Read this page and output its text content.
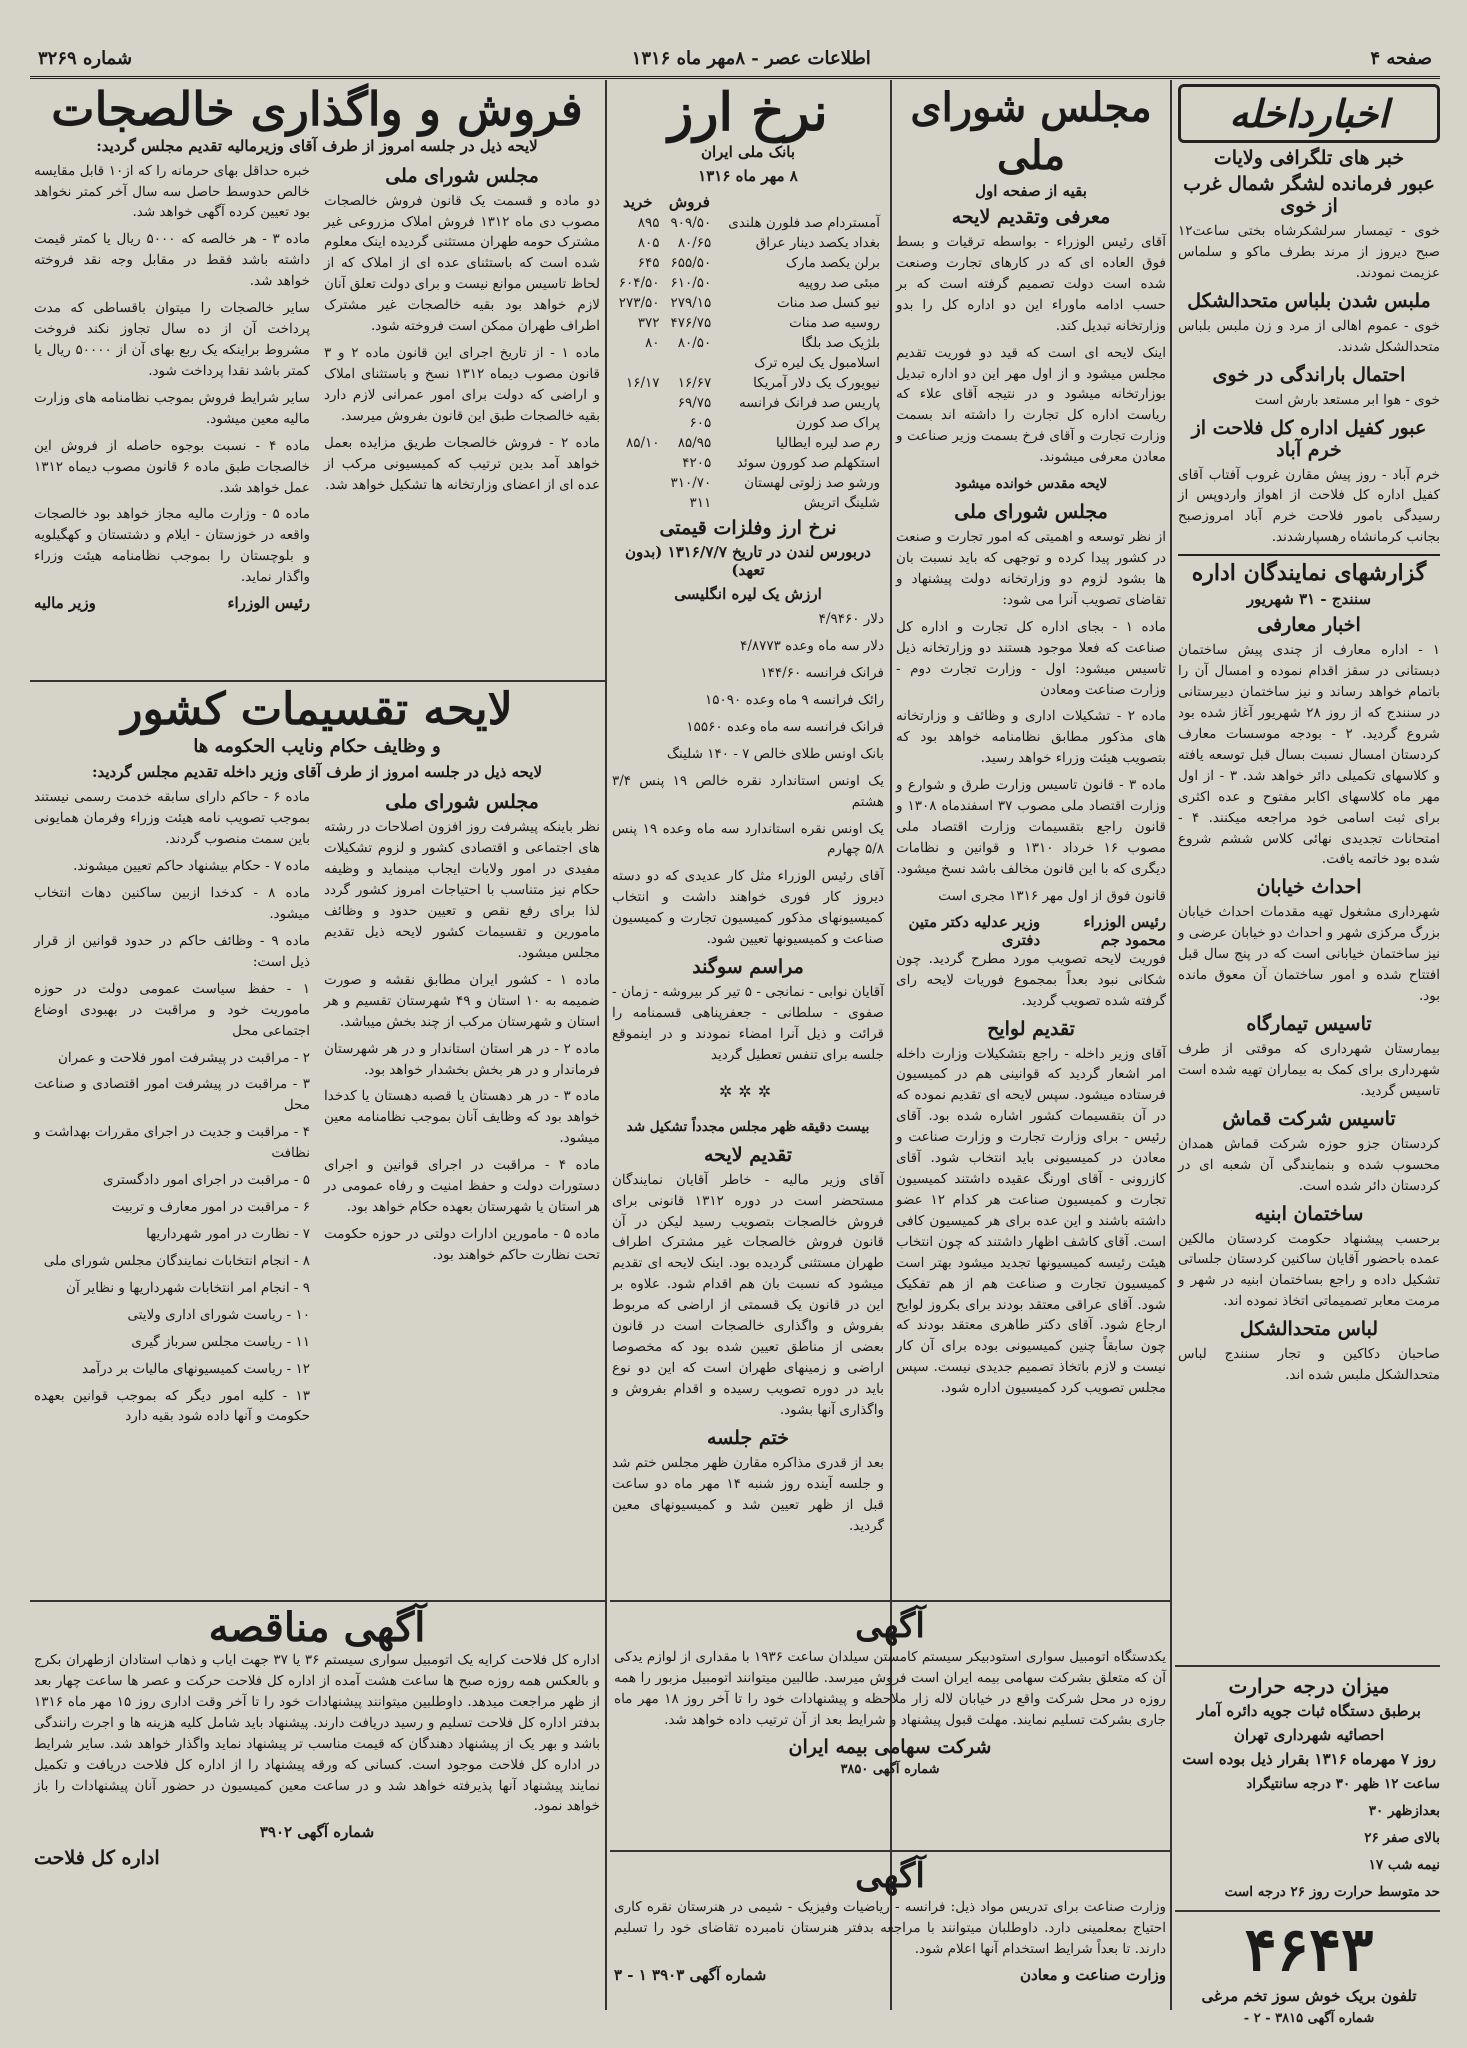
صفحه ۴
اطلاعات عصر - ۸مهر ماه ۱۳۱۶
شماره ۳۲۶۹
اخبارداخله

خبر های تلگرافی ولایات

عبور فرمانده لشگر شمال غرب از خوی

خوی - تیمسار سرلشکرشاه بختی ساعت۱۲ صبح دیروز از مرند بطرف ماکو و سلماس عزیمت نمودند.

ملبس شدن بلباس متحدالشکل

خوی - عموم اهالی از مرد و زن ملبس بلباس متحدالشکل شدند.

احتمال باراندگی در خوی

خوی - هوا ابر مستعد بارش است

عبور کفیل اداره کل فلاحت از خرم آباد

خرم آباد - روز پیش مقارن غروب آفتاب آقای کفیل اداره کل فلاحت از اهواز واردوپس از رسیدگی بامور فلاحت خرم آباد امروزصبح بجانب کرمانشاه رهسپارشدند.

گزارشهای نمایندگان اداره

سنندج - ۳۱ شهریور

اخبار معارفی

۱ - اداره معارف از چندی پیش ساختمان دبستانی در سقز اقدام نموده و امسال آن را باتمام خواهد رساند و نیز ساختمان دبیرستانی در سنندج که از روز ۲۸ شهریور آغاز شده بود شروع گردید. ۲ - بودجه موسسات معارف کردستان امسال نسبت بسال قبل توسعه یافته و کلاسهای تکمیلی دائر خواهد شد. ۳ - از اول مهر ماه کلاسهای اکابر مفتوح و عده اکثری برای ثبت اسامی خود مراجعه میکنند. ۴ - امتحانات تجدیدی نهائی کلاس ششم شروع شده بود خاتمه یافت.

احداث خیابان

شهرداری مشغول تهیه مقدمات احداث خیابان بزرگ مرکزی شهر و احداث دو خیابان عرضی و نیز ساختمان خیابانی است که در پنج سال قبل افتتاح شده و امور ساختمان آن معوق مانده بود.

تاسیس تیمارگاه

بیمارستان شهرداری که موقتی از طرف شهرداری برای کمک به بیماران تهیه شده است تاسیس گردید.

تاسیس شرکت قماش

کردستان جزو حوزه شرکت قماش همدان محسوب شده و بنمایندگی آن شعبه ای در کردستان دائر شده است.

ساختمان ابنیه

برحسب پیشنهاد حکومت کردستان مالکین عمده باحضور آقایان ساکنین کردستان جلساتی تشکیل داده و راجع بساختمان ابنیه در شهر و مرمت معابر تصمیماتی اتخاذ نموده اند.

لباس متحدالشکل

صاحبان دکاکین و تجار سنندج لباس متحدالشکل ملبس شده اند.

میزان درجه حرارت

برطبق دستگاه ثبات جویه دائره آمار

احصائیه شهرداری تهران

روز ۷ مهرماه ۱۳۱۶ بقرار ذیل بوده است

ساعت ۱۲ ظهر ۳۰ درجه سانتیگراد

بعدازظهر ۳۰

بالای صفر ۲۶

نیمه شب ۱۷

حد متوسط حرارت روز ۲۶ درجه است

۴۶۴۳

تلفون بریک خوش سوز تخم مرغی

شماره آگهی ۳۸۱۵ - ۲ -

مجلس شورای ملی

بقیه از صفحه اول

معرفی وتقدیم لایحه

آقای رئیس الوزراء - بواسطه ترقیات و بسط فوق العاده ای که در کارهای تجارت وصنعت شده است دولت تصمیم گرفته است که بر حسب ادامه ماوراء این دو اداره کل را بدو وزارتخانه تبدیل کند.

اینک لایحه ای است که قید دو فوریت تقدیم مجلس میشود و از اول مهر این دو اداره تبدیل بوزارتخانه میشود و در نتیجه آقای علاء که ریاست اداره کل تجارت را داشته اند بسمت وزارت تجارت و آقای فرخ بسمت وزیر صناعت و معادن معرفی میشوند.

لایحه مقدس خوانده میشود

مجلس شورای ملی

از نظر توسعه و اهمیتی که امور تجارت و صنعت در کشور پیدا کرده و توجهی که باید نسبت بان ها بشود لزوم دو وزارتخانه دولت پیشنهاد و تقاضای تصویب آنرا می شود:

ماده ۱ - بجای اداره کل تجارت و اداره کل صناعت که فعلا موجود هستند دو وزارتخانه ذیل تاسیس میشود: اول - وزارت تجارت دوم - وزارت صناعت ومعادن

ماده ۲ - تشکیلات اداری و وظائف و وزارتخانه های مذکور مطابق نظامنامه خواهد بود که بتصویب هیئت وزراء خواهد رسید.

ماده ۳ - قانون تاسیس وزارت طرق و شوارع و وزارت اقتصاد ملی مصوب ۳۷ اسفندماه ۱۳۰۸ و قانون راجع بتقسیمات وزارت اقتصاد ملی مصوب ۱۶ خرداد ۱۳۱۰ و قوانین و نظامات دیگری که با این قانون مخالف باشد نسخ میشود.

قانون فوق از اول مهر ۱۳۱۶ مجری است

رئیس الوزراء محمود جم
وزیر عدلیه دکتر متین دفتری

فوریت لایحه تصویب مورد مطرح گردید. چون شکانی نبود بعداً بمجموع فوریات لایحه رای گرفته شده تصویب گردید.

تقدیم لوایح

آقای وزیر داخله - راجع بتشکیلات وزارت داخله امر اشعار گردید که قوانینی هم در کمیسیون فرستاده میشود. سپس لایحه ای تقدیم نموده که در آن بتقسیمات کشور اشاره شده بود. آقای رئیس - برای وزارت تجارت و وزارت صناعت و معادن در کمیسیونی باید انتخاب شود. آقای کازرونی - آقای اورنگ عقیده داشتند کمیسیون تجارت و کمیسیون صناعت هر کدام ۱۲ عضو داشته باشند و این عده برای هر کمیسیون کافی است. آقای کاشف اظهار داشتند که چون انتخاب هیئت رئیسه کمیسیونها تجدید میشود بهتر است کمیسیون تجارت و صناعت هم از هم تفکیک شود. آقای عراقی معتقد بودند برای بکروز لوایح ارجاع شود. آقای دکتر طاهری معتقد بودند که چون سابقاً چنین کمیسیونی بوده برای آن کار نیست و لازم باتخاذ تصمیم جدیدی نیست. سپس مجلس تصویب کرد کمیسیون اداره شود.

نرخ ارز

بانک ملی ایران

۸ مهر ماه ۱۳۱۶

	فروش	خرید
آمستردام صد فلورن هلندی	۹۰۹/۵۰	۸۹۵
بغداد یکصد دینار عراق	۸۰/۶۵	۸۰۵
برلن یکصد مارک	۶۵۵/۵۰	۶۴۵
مبئی صد روپیه	۶۱۰/۵۰	۶۰۴/۵۰
نیو کسل صد منات	۲۷۹/۱۵	۲۷۳/۵۰
روسیه صد منات	۴۷۶/۷۵	۳۷۲
بلژیک صد بلگا	۸۰/۵۰	۸۰
اسلامبول یک لیره ترک		
نیویورک یک دلار آمریکا	۱۶/۶۷	۱۶/۱۷
پاریس صد فرانک فرانسه	۶۹/۷۵	
پراک صد کورن	۶۰۵	
رم صد لیره ایطالیا	۸۵/۹۵	۸۵/۱۰
استکهلم صد کورون سوئد	۴۲۰۵	
ورشو صد زلوتی لهستان	۳۱۰/۷۰	
شلینگ اتریش	۳۱۱	

نرخ ارز وفلزات قیمتی

دربورس لندن در تاریخ ۱۳۱۶/۷/۷ (بدون تعهد)

ارزش یک لیره انگلیسی

دلار ۴/۹۴۶۰

دلار سه ماه وعده ۴/۸۷۷۳

فرانک فرانسه ۱۴۴/۶۰

رائک فرانسه ۹ ماه وعده ۱۵۰۹۰

فرانک فرانسه سه ماه وعده ۱۵۵۶۰

بانک اونس طلای خالص ۷ - ۱۴۰ شلینگ

یک اونس استاندارد نقره خالص ۱۹ پنس ۳/۴ هشتم

یک اونس نقره استاندارد سه ماه وعده ۱۹ پنس ۵/۸ چهارم

آقای رئیس الوزراء مثل کار عدیدی که دو دسته دیروز کار فوری خواهند داشت و انتخاب کمیسیونهای مذکور کمیسیون تجارت و کمیسیون صناعت و کمیسیونها تعیین شود.

مراسم سوگند

آقایان نوابی - نمانجی - ۵ تیر کر بیروشه - زمان - صفوی - سلطانی - جعفرپناهی قسمنامه را قرائت و ذیل آنرا امضاء نمودند و در اینموقع جلسه برای تنفس تعطیل گردید

✲✲✲

بیست دقیقه ظهر مجلس مجدداً تشکیل شد

تقدیم لایحه

آقای وزیر مالیه - خاطر آقایان نمایندگان مستحضر است در دوره ۱۳۱۲ قانونی برای فروش خالصجات بتصویب رسید لیکن در آن قانون فروش خالصجات غیر مشترک اطراف طهران مستثنی گردیده بود. اینک لایحه ای تقدیم میشود که نسبت بان هم اقدام شود. علاوه بر این در قانون یک قسمتی از اراضی که مربوط بفروش و واگذاری خالصجات است در قانون بعضی از مناطق تعیین شده بود که مخصوصا اراضی و زمینهای طهران است که این دو نوع باید در دوره تصویب رسیده و اقدام بفروش و واگذاری آنها بشود.

ختم جلسه

بعد از قدری مذاکره مقارن ظهر مجلس ختم شد و جلسه آینده روز شنبه ۱۴ مهر ماه دو ساعت قبل از ظهر تعیین شد و کمیسیونهای معین گردید.

فروش و واگذاری خالصجات

لایحه ذیل در جلسه امروز از طرف آقای وزیرمالیه تقدیم مجلس گردید:

مجلس شورای ملی

دو ماده و قسمت یک قانون فروش خالصجات مصوب دی ماه ۱۳۱۲ فروش املاک مزروعی غیر مشترک حومه طهران مستثنی گردیده اینک معلوم شده است که باستثنای عده ای از املاک که از لحاظ تاسیس موانع نیست و برای دولت تعلق آنان لازم خواهد بود بقیه خالصجات غیر مشترک اطراف طهران ممکن است فروخته شود.

ماده ۱ - از تاریخ اجرای این قانون ماده ۲ و ۳ قانون مصوب دیماه ۱۳۱۲ نسخ و باستثنای املاک و اراضی که دولت برای امور عمرانی لازم دارد بقیه خالصجات طبق این قانون بفروش میرسد.

ماده ۲ - فروش خالصجات طریق مزایده بعمل خواهد آمد بدین ترتیب که کمیسیونی مرکب از عده ای از اعضای وزارتخانه ها تشکیل خواهد شد.

خبره حداقل بهای حرمانه را که از۱۰ قابل مقایسه خالص حدوسط حاصل سه سال آخر کمتر نخواهد بود تعیین کرده آگهی خواهد شد.

ماده ۳ - هر خالصه که ۵۰۰۰ ریال یا کمتر قیمت داشته باشد فقط در مقابل وجه نقد فروخته خواهد شد.

سایر خالصجات را میتوان باقساطی که مدت پرداخت آن از ده سال تجاوز نکند فروخت مشروط براینکه یک ربع بهای آن از ۵۰۰۰۰ ریال یا کمتر باشد نقدا پرداخت شود.

سایر شرایط فروش بموجب نظامنامه های وزارت مالیه معین میشود.

ماده ۴ - نسبت بوجوه حاصله از فروش این خالصجات طبق ماده ۶ قانون مصوب دیماه ۱۳۱۲ عمل خواهد شد.

ماده ۵ - وزارت مالیه مجاز خواهد بود خالصجات واقعه در خوزستان - ایلام و دشتستان و کهگیلویه و بلوچستان را بموجب نظامنامه هیئت وزراء واگذار نماید.

رئیس الوزراء
وزیر مالیه

لایحه تقسیمات کشور

و وظایف حکام ونایب الحکومه ها

لایحه ذیل در جلسه امروز از طرف آقای وزیر داخله تقدیم مجلس گردید:

مجلس شورای ملی

نظر باینکه پیشرفت روز افزون اصلاحات در رشته های اجتماعی و اقتصادی کشور و لزوم تشکیلات مفیدی در امور ولایات ایجاب مینماید و وظیفه حکام نیز متناسب با احتیاجات امروز کشور گردد لذا برای رفع نقص و تعیین حدود و وظائف مامورین و تقسیمات کشور لایحه ذیل تقدیم مجلس میشود.

ماده ۱ - کشور ایران مطابق نقشه و صورت ضمیمه به ۱۰ استان و ۴۹ شهرستان تقسیم و هر استان و شهرستان مرکب از چند بخش میباشد.

ماده ۲ - در هر استان استاندار و در هر شهرستان فرماندار و در هر بخش بخشدار خواهد بود.

ماده ۳ - در هر دهستان یا قصبه دهستان یا کدخدا خواهد بود که وظایف آنان بموجب نظامنامه معین میشود.

ماده ۴ - مراقبت در اجرای قوانین و اجرای دستورات دولت و حفظ امنیت و رفاه عمومی در هر استان یا شهرستان بعهده حکام خواهد بود.

ماده ۵ - مامورین ادارات دولتی در حوزه حکومت تحت نظارت حاکم خواهند بود.

ماده ۶ - حاکم دارای سابقه خدمت رسمی نیستند بموجب تصویب نامه هیئت وزراء وفرمان همایونی باین سمت منصوب گردند.

ماده ۷ - حکام بیشنهاد حاکم تعیین میشوند.

ماده ۸ - کدخدا ازبین ساکنین دهات انتخاب میشود.

ماده ۹ - وظائف حاکم در حدود قوانین از قرار ذیل است:

۱ - حفظ سیاست عمومی دولت در حوزه ماموریت خود و مراقبت در بهبودی اوضاع اجتماعی محل

۲ - مراقبت در پیشرفت امور فلاحت و عمران

۳ - مراقبت در پیشرفت امور اقتصادی و صناعت محل

۴ - مراقبت و جدیت در اجرای مقررات بهداشت و نظافت

۵ - مراقبت در اجرای امور دادگستری

۶ - مراقبت در امور معارف و تربیت

۷ - نظارت در امور شهرداریها

۸ - انجام انتخابات نمایندگان مجلس شورای ملی

۹ - انجام امر انتخابات شهرداریها و نظایر آن

۱۰ - ریاست شورای اداری ولایتی

۱۱ - ریاست مجلس سرباز گیری

۱۲ - ریاست کمیسیونهای مالیات بر درآمد

۱۳ - کلیه امور دیگر که بموجب قوانین بعهده حکومت و آنها داده شود بقیه دارد

آگهی مناقصه

اداره کل فلاحت کرایه یک اتومبیل سواری سیستم ۳۶ یا ۳۷ جهت ایاب و ذهاب استادان ازطهران بکرج و بالعکس همه روزه صبح ها ساعت هشت آمده از اداره کل فلاحت حرکت و عصر ها ساعت چهار بعد از ظهر مراجعت میدهد. داوطلبین میتوانند پیشنهادات خود را تا آخر وقت اداری روز ۱۵ مهر ماه ۱۳۱۶ بدفتر اداره کل فلاحت تسلیم و رسید دریافت دارند. پیشنهاد باید شامل کلیه هزینه ها و اجرت رانندگی باشد و بهر یک از پیشنهاد دهندگان که قیمت مناسب تر پیشنهاد نماید واگذار خواهد شد. سایر شرایط در اداره کل فلاحت موجود است. کسانی که ورقه پیشنهاد را از اداره کل فلاحت دریافت و تکمیل نمایند پیشنهاد آنها پذیرفته خواهد شد و در ساعت معین کمیسیون در حضور آنان پیشنهادات را باز خواهد نمود.

شماره آگهی ۳۹۰۲

اداره کل فلاحت

آگهی

یکدستگاه اتومبیل سواری استودبیکر سیستم کامستن سیلدان ساعت ۱۹۳۶ با مقداری از لوازم یدکی آن که متعلق بشرکت سهامی بیمه ایران است فروش میرسد. طالبین میتوانند اتومبیل مزبور را همه روزه در محل شرکت واقع در خیابان لاله زار ملاحظه و پیشنهادات خود را تا آخر روز ۱۸ مهر ماه جاری بشرکت تسلیم نمایند. مهلت قبول پیشنهاد و شرایط بعد از آن ترتیب داده خواهد شد.

شرکت سهامی بیمه ایران

شماره آگهی ۳۸۵۰

آگهی

وزارت صناعت برای تدریس مواد ذیل: فرانسه - ریاضیات وفیزیک - شیمی در هنرستان نقره کاری احتیاج بمعلمینی دارد. داوطلبان میتوانند با مراجعه بدفتر هنرستان نامبرده تقاضای خود را تسلیم دارند. تا بعداً شرایط استخدام آنها اعلام شود.

وزارت صناعت و معادن
شماره آگهی ۳۹۰۳ ۱ - ۳
